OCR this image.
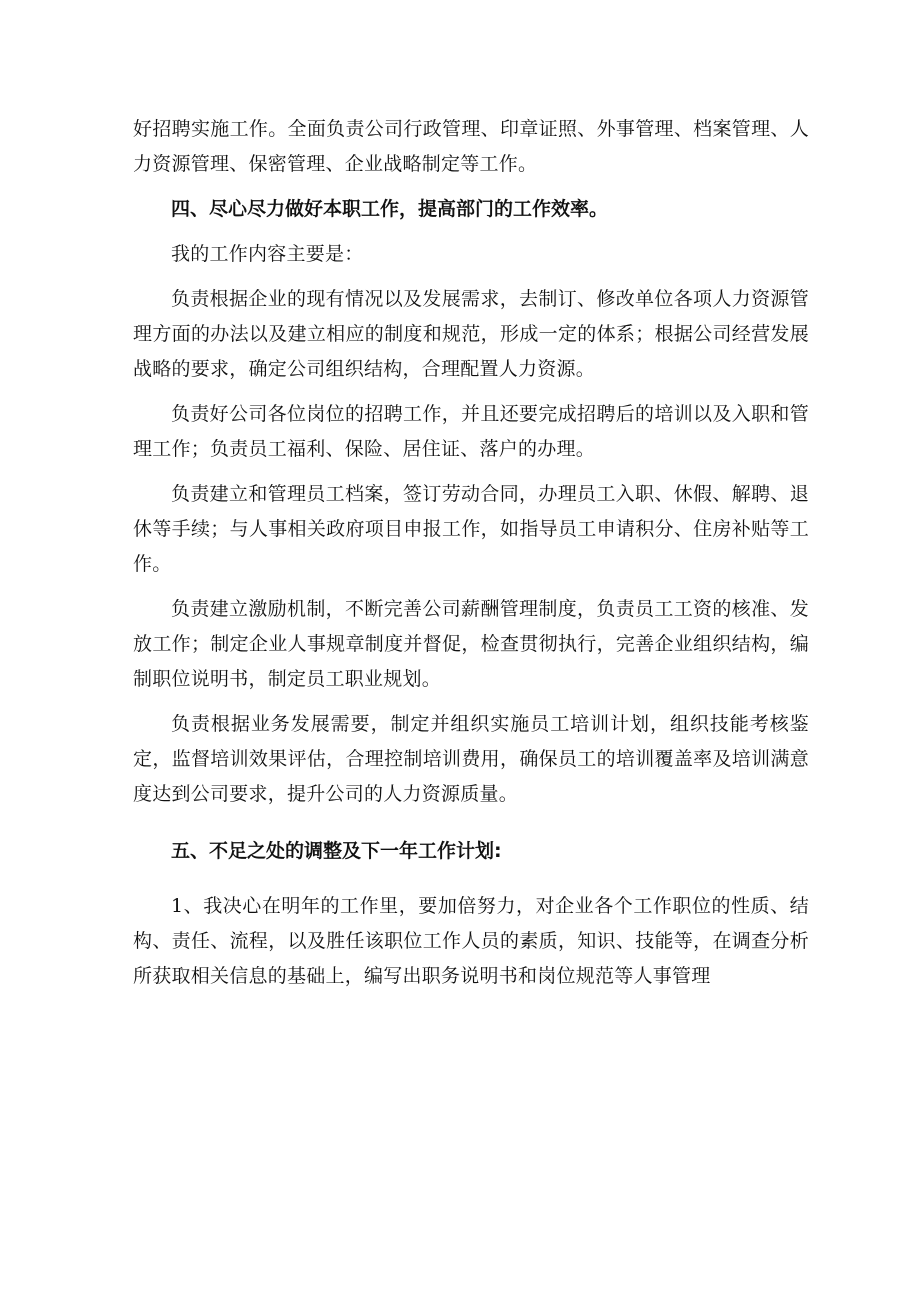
好招聘实施工作。全面负责公司行政管理、印章证照、外事管理、档案管理、人力资源管理、保密管理、企业战略制定等工作。

四、尽心尽力做好本职工作，提高部门的工作效率。

我的工作内容主要是：

负责根据企业的现有情况以及发展需求，去制订、修改单位各项人力资源管理方面的办法以及建立相应的制度和规范，形成一定的体系；根据公司经营发展战略的要求，确定公司组织结构，合理配置人力资源。

负责好公司各位岗位的招聘工作，并且还要完成招聘后的培训以及入职和管理工作；负责员工福利、保险、居住证、落户的办理。

负责建立和管理员工档案，签订劳动合同，办理员工入职、休假、解聘、退休等手续；与人事相关政府项目申报工作，如指导员工申请积分、住房补贴等工作。

负责建立激励机制，不断完善公司薪酬管理制度，负责员工工资的核准、发放工作；制定企业人事规章制度并督促，检查贯彻执行，完善企业组织结构，编制职位说明书，制定员工职业规划。

负责根据业务发展需要，制定并组织实施员工培训计划，组织技能考核鉴定，监督培训效果评估，合理控制培训费用，确保员工的培训覆盖率及培训满意度达到公司要求，提升公司的人力资源质量。

五、不足之处的调整及下一年工作计划:

1、我决心在明年的工作里，要加倍努力，对企业各个工作职位的性质、结构、责任、流程，以及胜任该职位工作人员的素质，知识、技能等，在调查分析所获取相关信息的基础上，编写出职务说明书和岗位规范等人事管理
